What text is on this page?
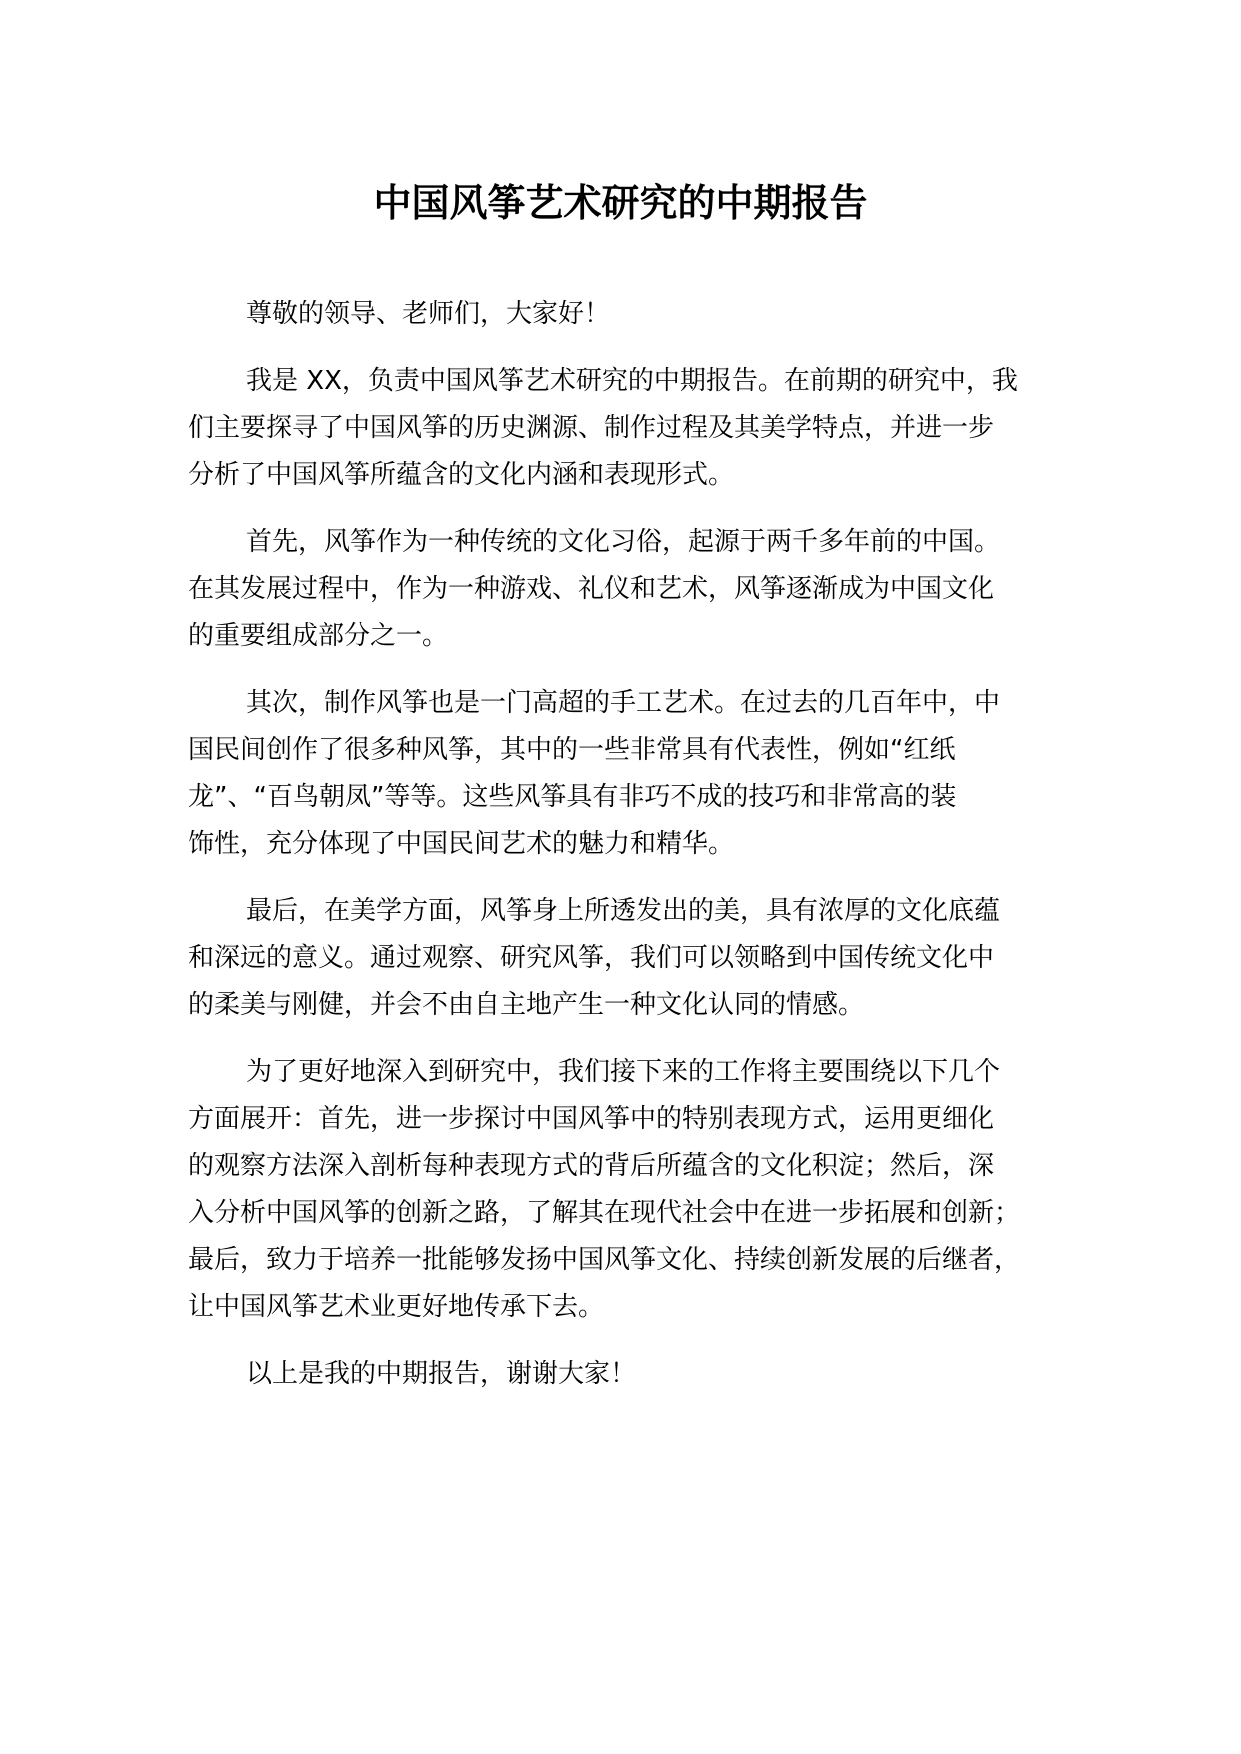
中国风筝艺术研究的中期报告

尊敬的领导、老师们，大家好！

我是 XX，负责中国风筝艺术研究的中期报告。在前期的研究中，我
们主要探寻了中国风筝的历史渊源、制作过程及其美学特点，并进一步
分析了中国风筝所蕴含的文化内涵和表现形式。

首先，风筝作为一种传统的文化习俗，起源于两千多年前的中国。
在其发展过程中，作为一种游戏、礼仪和艺术，风筝逐渐成为中国文化
的重要组成部分之一。

其次，制作风筝也是一门高超的手工艺术。在过去的几百年中，中
国民间创作了很多种风筝，其中的一些非常具有代表性，例如“红纸
龙”、“百鸟朝凤”等等。这些风筝具有非巧不成的技巧和非常高的装
饰性，充分体现了中国民间艺术的魅力和精华。

最后，在美学方面，风筝身上所透发出的美，具有浓厚的文化底蕴
和深远的意义。通过观察、研究风筝，我们可以领略到中国传统文化中
的柔美与刚健，并会不由自主地产生一种文化认同的情感。

为了更好地深入到研究中，我们接下来的工作将主要围绕以下几个
方面展开：首先，进一步探讨中国风筝中的特别表现方式，运用更细化
的观察方法深入剖析每种表现方式的背后所蕴含的文化积淀；然后，深
入分析中国风筝的创新之路，了解其在现代社会中在进一步拓展和创新；
最后，致力于培养一批能够发扬中国风筝文化、持续创新发展的后继者，
让中国风筝艺术业更好地传承下去。

以上是我的中期报告，谢谢大家！
